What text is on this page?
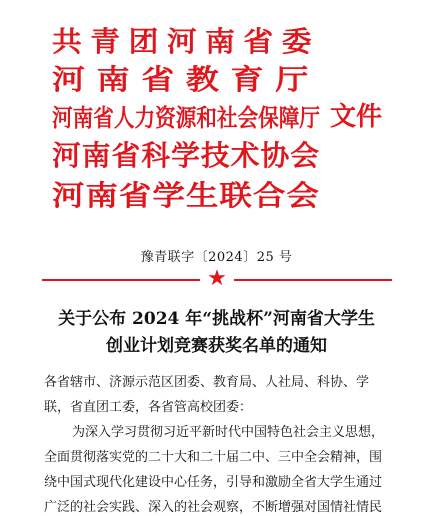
共青团河南省委
河南省教育厅
河南省人力资源和社会保障厅
河南省科学技术协会
河南省学生联合会
文件
豫青联字〔2024〕25 号
★
关于公布 2024 年“挑战杯”河南省大学生
创业计划竞赛获奖名单的通知
各省辖市、济源示范区团委、教育局、人社局、科协、学
联，省直团工委，各省管高校团委：
为深入学习贯彻习近平新时代中国特色社会主义思想，
全面贯彻落实党的二十大和二十届二中、三中全会精神，围
绕中国式现代化建设中心任务，引导和激励全省大学生通过
广泛的社会实践、深入的社会观察，不断增强对国情社情民
